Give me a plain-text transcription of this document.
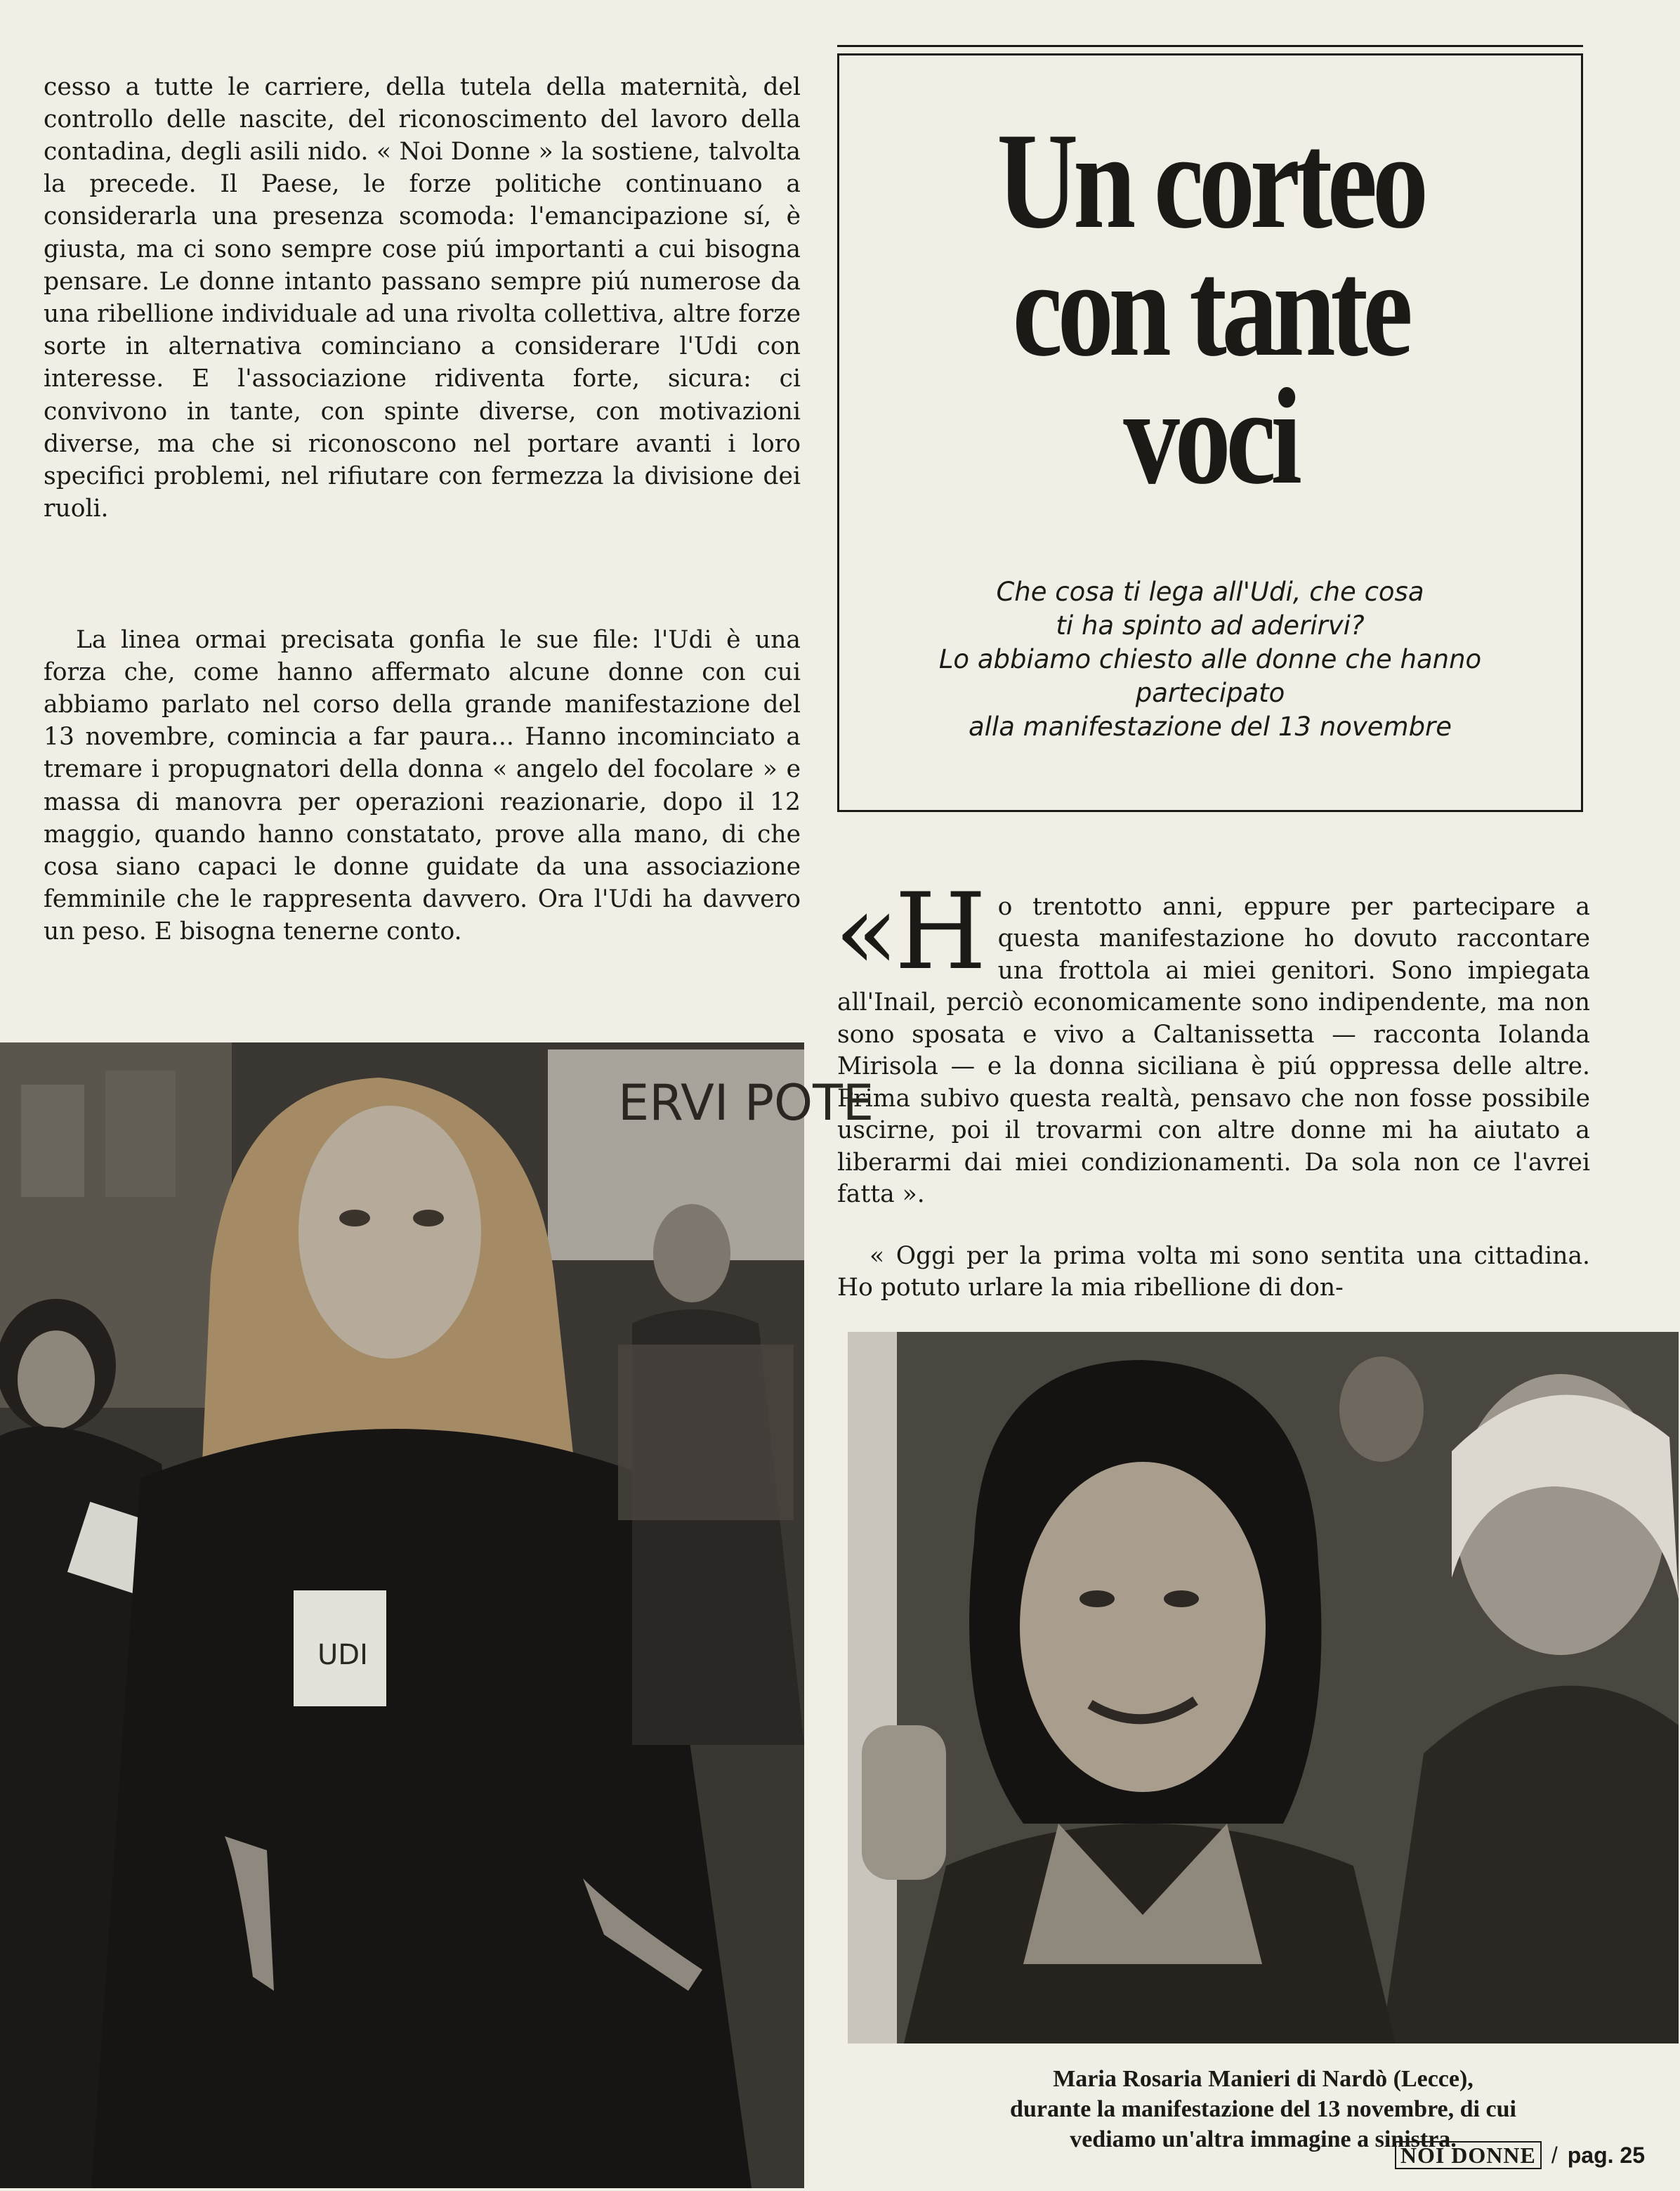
cesso a tutte le carriere, della tutela della maternità, del controllo delle nascite, del riconoscimento del lavoro della contadina, degli asili nido. « Noi Donne » la sostiene, talvolta la precede. Il Paese, le forze politiche continuano a considerarla una presenza scomoda: l'emancipazione sí, è giusta, ma ci sono sempre cose piú importanti a cui bisogna pensare. Le donne intanto passano sempre piú numerose da una ribellione individuale ad una rivolta collettiva, altre forze sorte in alternativa cominciano a considerare l'Udi con interesse. E l'associazione ridiventa forte, sicura: ci convivono in tante, con spinte diverse, con motivazioni diverse, ma che si riconoscono nel portare avanti i loro specifici problemi, nel rifiutare con fermezza la divisione dei ruoli.

La linea ormai precisata gonfia le sue file: l'Udi è una forza che, come hanno affermato alcune donne con cui abbiamo parlato nel corso della grande manifestazione del 13 novembre, comincia a far paura... Hanno incominciato a tremare i propugnatori della donna « angelo del focolare » e massa di manovra per operazioni reazionarie, dopo il 12 maggio, quando hanno constatato, prove alla mano, di che cosa siano capaci le donne guidate da una associazione femminile che le rappresenta davvero. Ora l'Udi ha davvero un peso. E bisogna tenerne conto.

Un corteo
con tante
voci

Che cosa ti lega all'Udi, che cosa
ti ha spinto ad aderirvi?
Lo abbiamo chiesto alle donne che hanno
partecipato
alla manifestazione del 13 novembre

«Ho trentotto anni, eppure per partecipare a questa manifestazione ho dovuto raccontare una frottola ai miei genitori. Sono impiegata all'Inail, perciò economicamente sono indipendente, ma non sono sposata e vivo a Caltanissetta — racconta Iolanda Mirisola — e la donna siciliana è piú oppressa delle altre. Prima subivo questa realtà, pensavo che non fosse possibile uscirne, poi il trovarmi con altre donne mi ha aiutato a liberarmi dai miei condizionamenti. Da sola non ce l'avrei fatta ».

« Oggi per la prima volta mi sono sentita una cittadina. Ho potuto urlare la mia ribellione di don-

ERVI POTE
UDI

Maria Rosaria Manieri di Nardò (Lecce),
durante la manifestazione del 13 novembre, di cui
vediamo un'altra immagine a sinistra.

NOI DONNE / pag. 25
